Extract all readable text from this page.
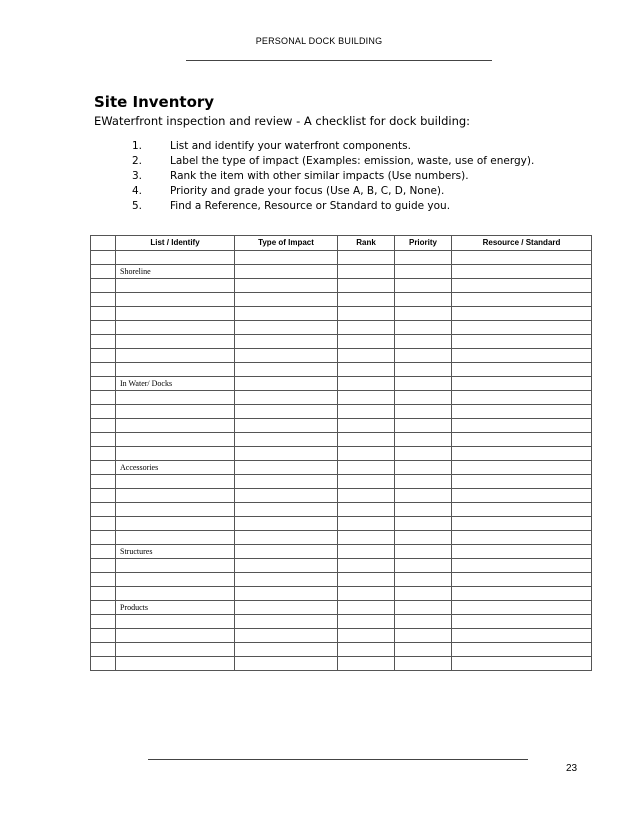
PERSONAL DOCK BUILDING
Site Inventory
EWaterfront inspection and review - A checklist for dock building:
1.	List and identify your waterfront components.
2.	Label the type of impact (Examples: emission, waste, use of energy).
3.	Rank the item with other similar impacts (Use numbers).
4.	Priority and grade your focus (Use A, B, C, D, None).
5.	Find a Reference, Resource or Standard to guide you.
	List / Identify	Type of Impact	Rank	Priority	Resource / Standard

	Shoreline				

	In Water/ Docks				

	Accessories				

	Structures				

	Products				

23
